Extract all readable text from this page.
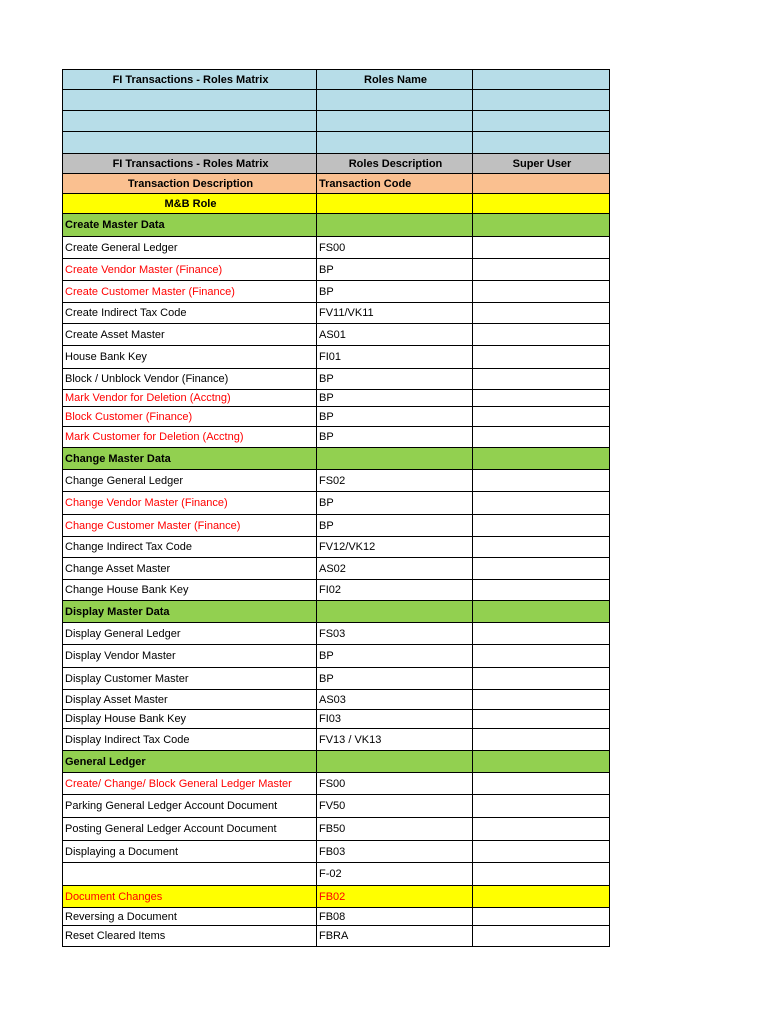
FI Transactions - Roles Matrix	Roles Name	

FI Transactions - Roles Matrix	Roles Description	Super User
Transaction Description	Transaction Code	
M&B Role		
Create Master Data		
Create General Ledger	FS00	
Create Vendor Master (Finance)	BP	
Create Customer Master (Finance)	BP	
Create Indirect Tax Code	FV11/VK11	
Create Asset Master	AS01	
House Bank Key	FI01	
Block / Unblock Vendor (Finance)	BP	
Mark Vendor for Deletion (Acctng)	BP	
Block Customer (Finance)	BP	
Mark Customer for Deletion (Acctng)	BP	
Change Master Data		
Change General Ledger	FS02	
Change Vendor Master (Finance)	BP	
Change Customer Master (Finance)	BP	
Change Indirect Tax Code	FV12/VK12	
Change Asset Master	AS02	
Change House Bank Key	FI02	
Display Master Data		
Display General Ledger	FS03	
Display Vendor Master	BP	
Display Customer Master	BP	
Display Asset Master	AS03	
Display House Bank Key	FI03	
Display Indirect Tax Code	FV13 / VK13	
General Ledger		
Create/ Change/ Block General Ledger Master	FS00	
Parking General Ledger Account Document	FV50	
Posting General Ledger Account Document	FB50	
Displaying a Document	FB03	
	F-02	
Document Changes	FB02	
Reversing a Document	FB08	
Reset Cleared Items	FBRA	
